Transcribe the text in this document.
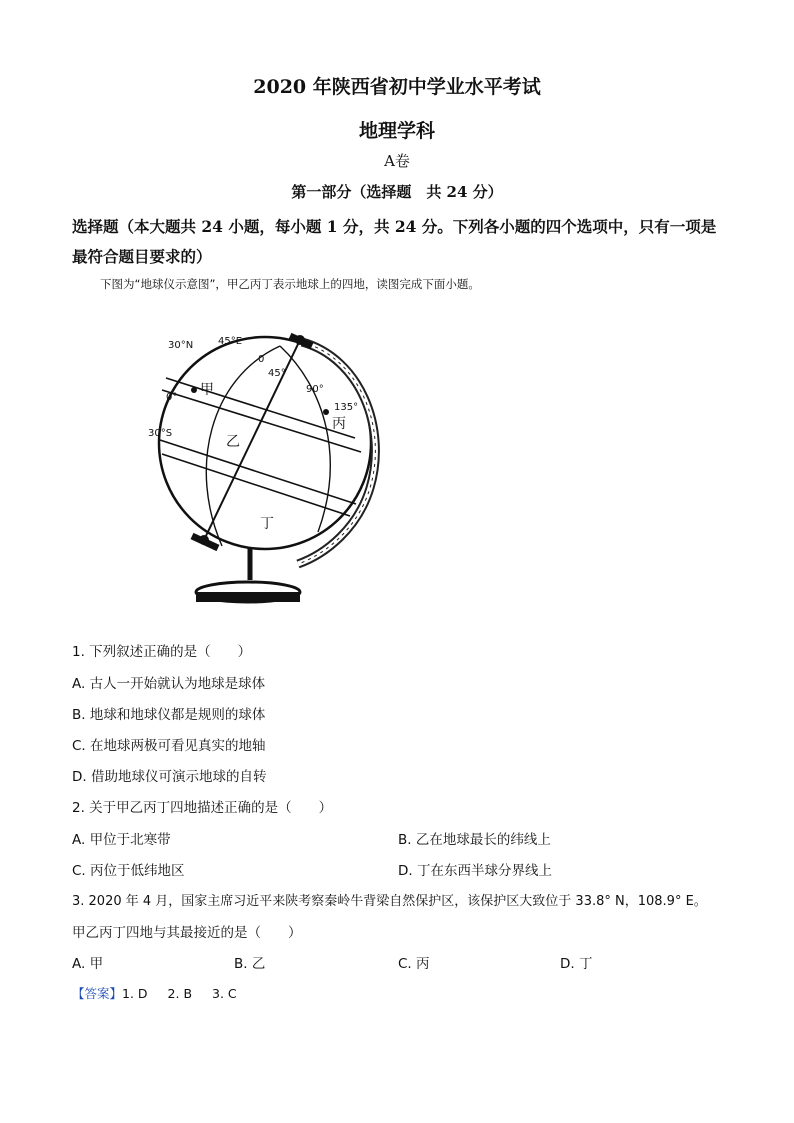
2020 年陕西省初中学业水平考试
地理学科
A卷
第一部分（选择题　共 24 分）
选择题（本大题共 24 小题，每小题 1 分，共 24 分。下列各小题的四个选项中，只有一项是最符合题目要求的）
下图为“地球仪示意图”，甲乙丙丁表示地球上的四地，读图完成下面小题。
30°N 45°E
0
45°
90°
0°
30°S
135°
甲
乙
丙
丁
1. 下列叙述正确的是（　　）
A. 古人一开始就认为地球是球体
B. 地球和地球仪都是规则的球体
C. 在地球两极可看见真实的地轴
D. 借助地球仪可演示地球的自转
2. 关于甲乙丙丁四地描述正确的是（　　）
A. 甲位于北寒带	B. 乙在地球最长的纬线上
C. 丙位于低纬地区	D. 丁在东西半球分界线上
3. 2020 年 4 月，国家主席习近平来陕考察秦岭牛背梁自然保护区，该保护区大致位于 33.8° N，108.9° E。
甲乙丙丁四地与其最接近的是（　　）
A. 甲	B. 乙	C. 丙	D. 丁
【答案】1. D 2. B 3. C
